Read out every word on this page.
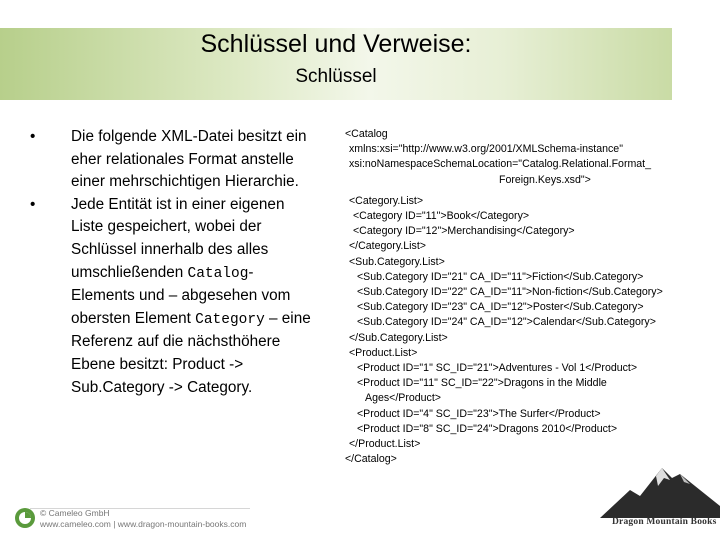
Schlüssel und Verweise:
Schlüssel
• Die folgende XML-Datei besitzt ein eher relationales Format anstelle einer mehrschichtigen Hierarchie.
• Jede Entität ist in einer eigenen Liste gespeichert, wobei der Schlüssel innerhalb des alles umschließenden Catalog-Elements und – abgesehen vom obersten Element Category – eine Referenz auf die nächsthöhere Ebene besitzt: Product -> Sub.Category -> Category.
<Catalog
xmlns:xsi="http://www.w3.org/2001/XMLSchema-instance"
xsi:noNamespaceSchemaLocation="Catalog.Relational.Format_
Foreign.Keys.xsd">
<Category.List>
<Category ID="11">Book</Category>
<Category ID="12">Merchandising</Category>
</Category.List>
<Sub.Category.List>
<Sub.Category ID="21" CA_ID="11">Fiction</Sub.Category>
<Sub.Category ID="22" CA_ID="11">Non-fiction</Sub.Category>
<Sub.Category ID="23" CA_ID="12">Poster</Sub.Category>
<Sub.Category ID="24" CA_ID="12">Calendar</Sub.Category>
</Sub.Category.List>
<Product.List>
<Product ID="1" SC_ID="21">Adventures - Vol 1</Product>
<Product ID="11" SC_ID="22">Dragons in the Middle
Ages</Product>
<Product ID="4" SC_ID="23">The Surfer</Product>
<Product ID="8" SC_ID="24">Dragons 2010</Product>
</Product.List>
</Catalog>
© Cameleo GmbH
www.cameleo.com | www.dragon-mountain-books.com	Dragon Mountain Books
